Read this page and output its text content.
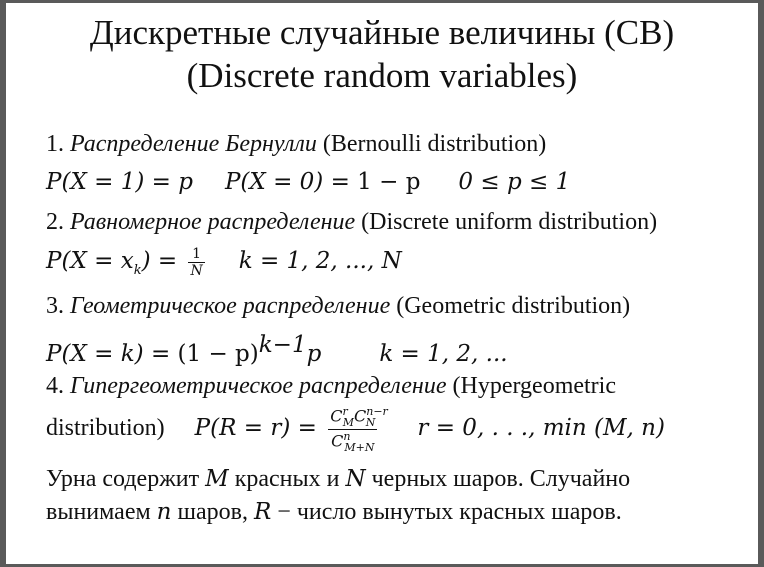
Дискретные случайные величины (СВ)
(Discrete random variables)
1. Распределение Бернулли (Bernoulli distribution)
P(X = 1) = p P(X = 0) = 1 − p 0 ≤ p ≤ 1
2. Равномерное распределение (Discrete uniform distribution)
$P(X = x_k) = \frac{1}{N}$ k = 1, 2, ..., N
3. Геометрическое распределение (Geometric distribution)
$P(X = k) = (1 - p)^{k-1}p$	k = 1, 2, ...
4. Гипергеометрическое распределение (Hypergeometric
distribution) $P(R = r) = \frac{C^r_MC^{n-r}_N}{C^n_{M+N}}$ r = 0, . . ., min (M, n)
Урна содержит M красных и N черных шаров. Случайно
вынимаем n шаров, R − число вынутых красных шаров.
